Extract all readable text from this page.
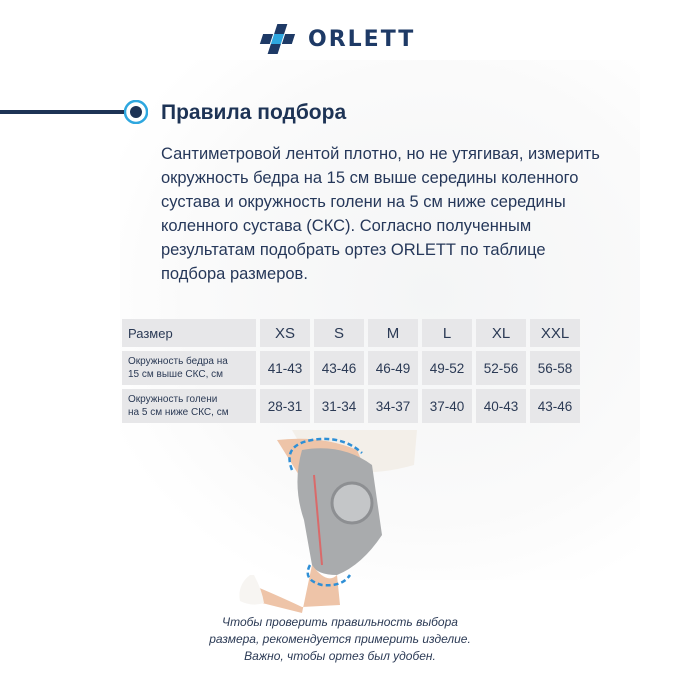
ORLETT
Правила подбора

Сантиметровой лентой плотно, но не утягивая, измерить окружность бедра на 15 см выше середины коленного сустава и окружность голени на 5 см ниже середины коленного сустава (СКС). Согласно полученным результатам подобрать ортез ORLETT по таблице подбора размеров.

Размер	XS	S	M	L	XL	XXL
Окружность бедра на
15 см выше СКС, см	41-43	43-46	46-49	49-52	52-56	56-58
Окружность голени
на 5 см ниже СКС, см	28-31	31-34	34-37	37-40	40-43	43-46

Чтобы проверить правильность выбора
размера, рекомендуется примерить изделие.
Важно, чтобы ортез был удобен.
